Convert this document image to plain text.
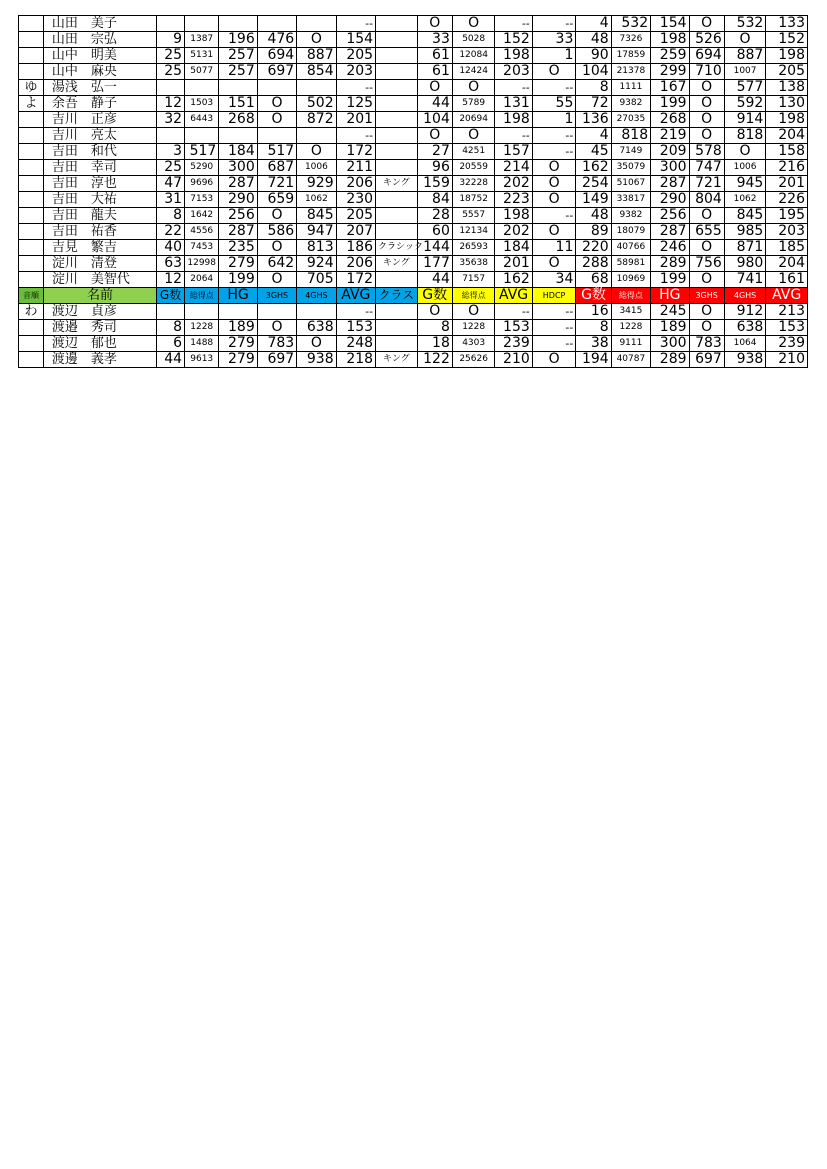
	山田　美子						--		O	O	--	--	4	532	154	O	532	133
	山田　宗弘	9	1387	196	476	O	154		33	5028	152	33	48	7326	198	526	O	152
	山中　明美	25	5131	257	694	887	205		61	12084	198	1	90	17859	259	694	887	198
	山中　麻央	25	5077	257	697	854	203		61	12424	203	O	104	21378	299	710	1007	205
ゆ	湯浅　弘一						--		O	O	--	--	8	1111	167	O	577	138
よ	余吾　静子	12	1503	151	O	502	125		44	5789	131	55	72	9382	199	O	592	130
	吉川　正彦	32	6443	268	O	872	201		104	20694	198	1	136	27035	268	O	914	198
	吉川　亮太						--		O	O	--	--	4	818	219	O	818	204
	吉田　和代	3	517	184	517	O	172		27	4251	157	--	45	7149	209	578	O	158
	吉田　幸司	25	5290	300	687	1006	211		96	20559	214	O	162	35079	300	747	1006	216
	吉田　淳也	47	9696	287	721	929	206	キング	159	32228	202	O	254	51067	287	721	945	201
	吉田　大祐	31	7153	290	659	1062	230		84	18752	223	O	149	33817	290	804	1062	226
	吉田　龍夫	8	1642	256	O	845	205		28	5557	198	--	48	9382	256	O	845	195
	吉田　祐香	22	4556	287	586	947	207		60	12134	202	O	89	18079	287	655	985	203
	吉見　繁吉	40	7453	235	O	813	186	クラシック	144	26593	184	11	220	40766	246	O	871	185
	淀川　清登	63	12998	279	642	924	206	キング	177	35638	201	O	288	58981	289	756	980	204
	淀川　美智代	12	2064	199	O	705	172		44	7157	162	34	68	10969	199	O	741	161
音順	名前	G数	総得点	HG	3GHS	4GHS	AVG	クラス	G数	総得点	AVG	HDCP	G数	総得点	HG	3GHS	4GHS	AVG
わ	渡辺　貞彦						--		O	O	--	--	16	3415	245	O	912	213
	渡邉　秀司	8	1228	189	O	638	153		8	1228	153	--	8	1228	189	O	638	153
	渡辺　郁也	6	1488	279	783	O	248		18	4303	239	--	38	9111	300	783	1064	239
	渡邊　義孝	44	9613	279	697	938	218	キング	122	25626	210	O	194	40787	289	697	938	210
